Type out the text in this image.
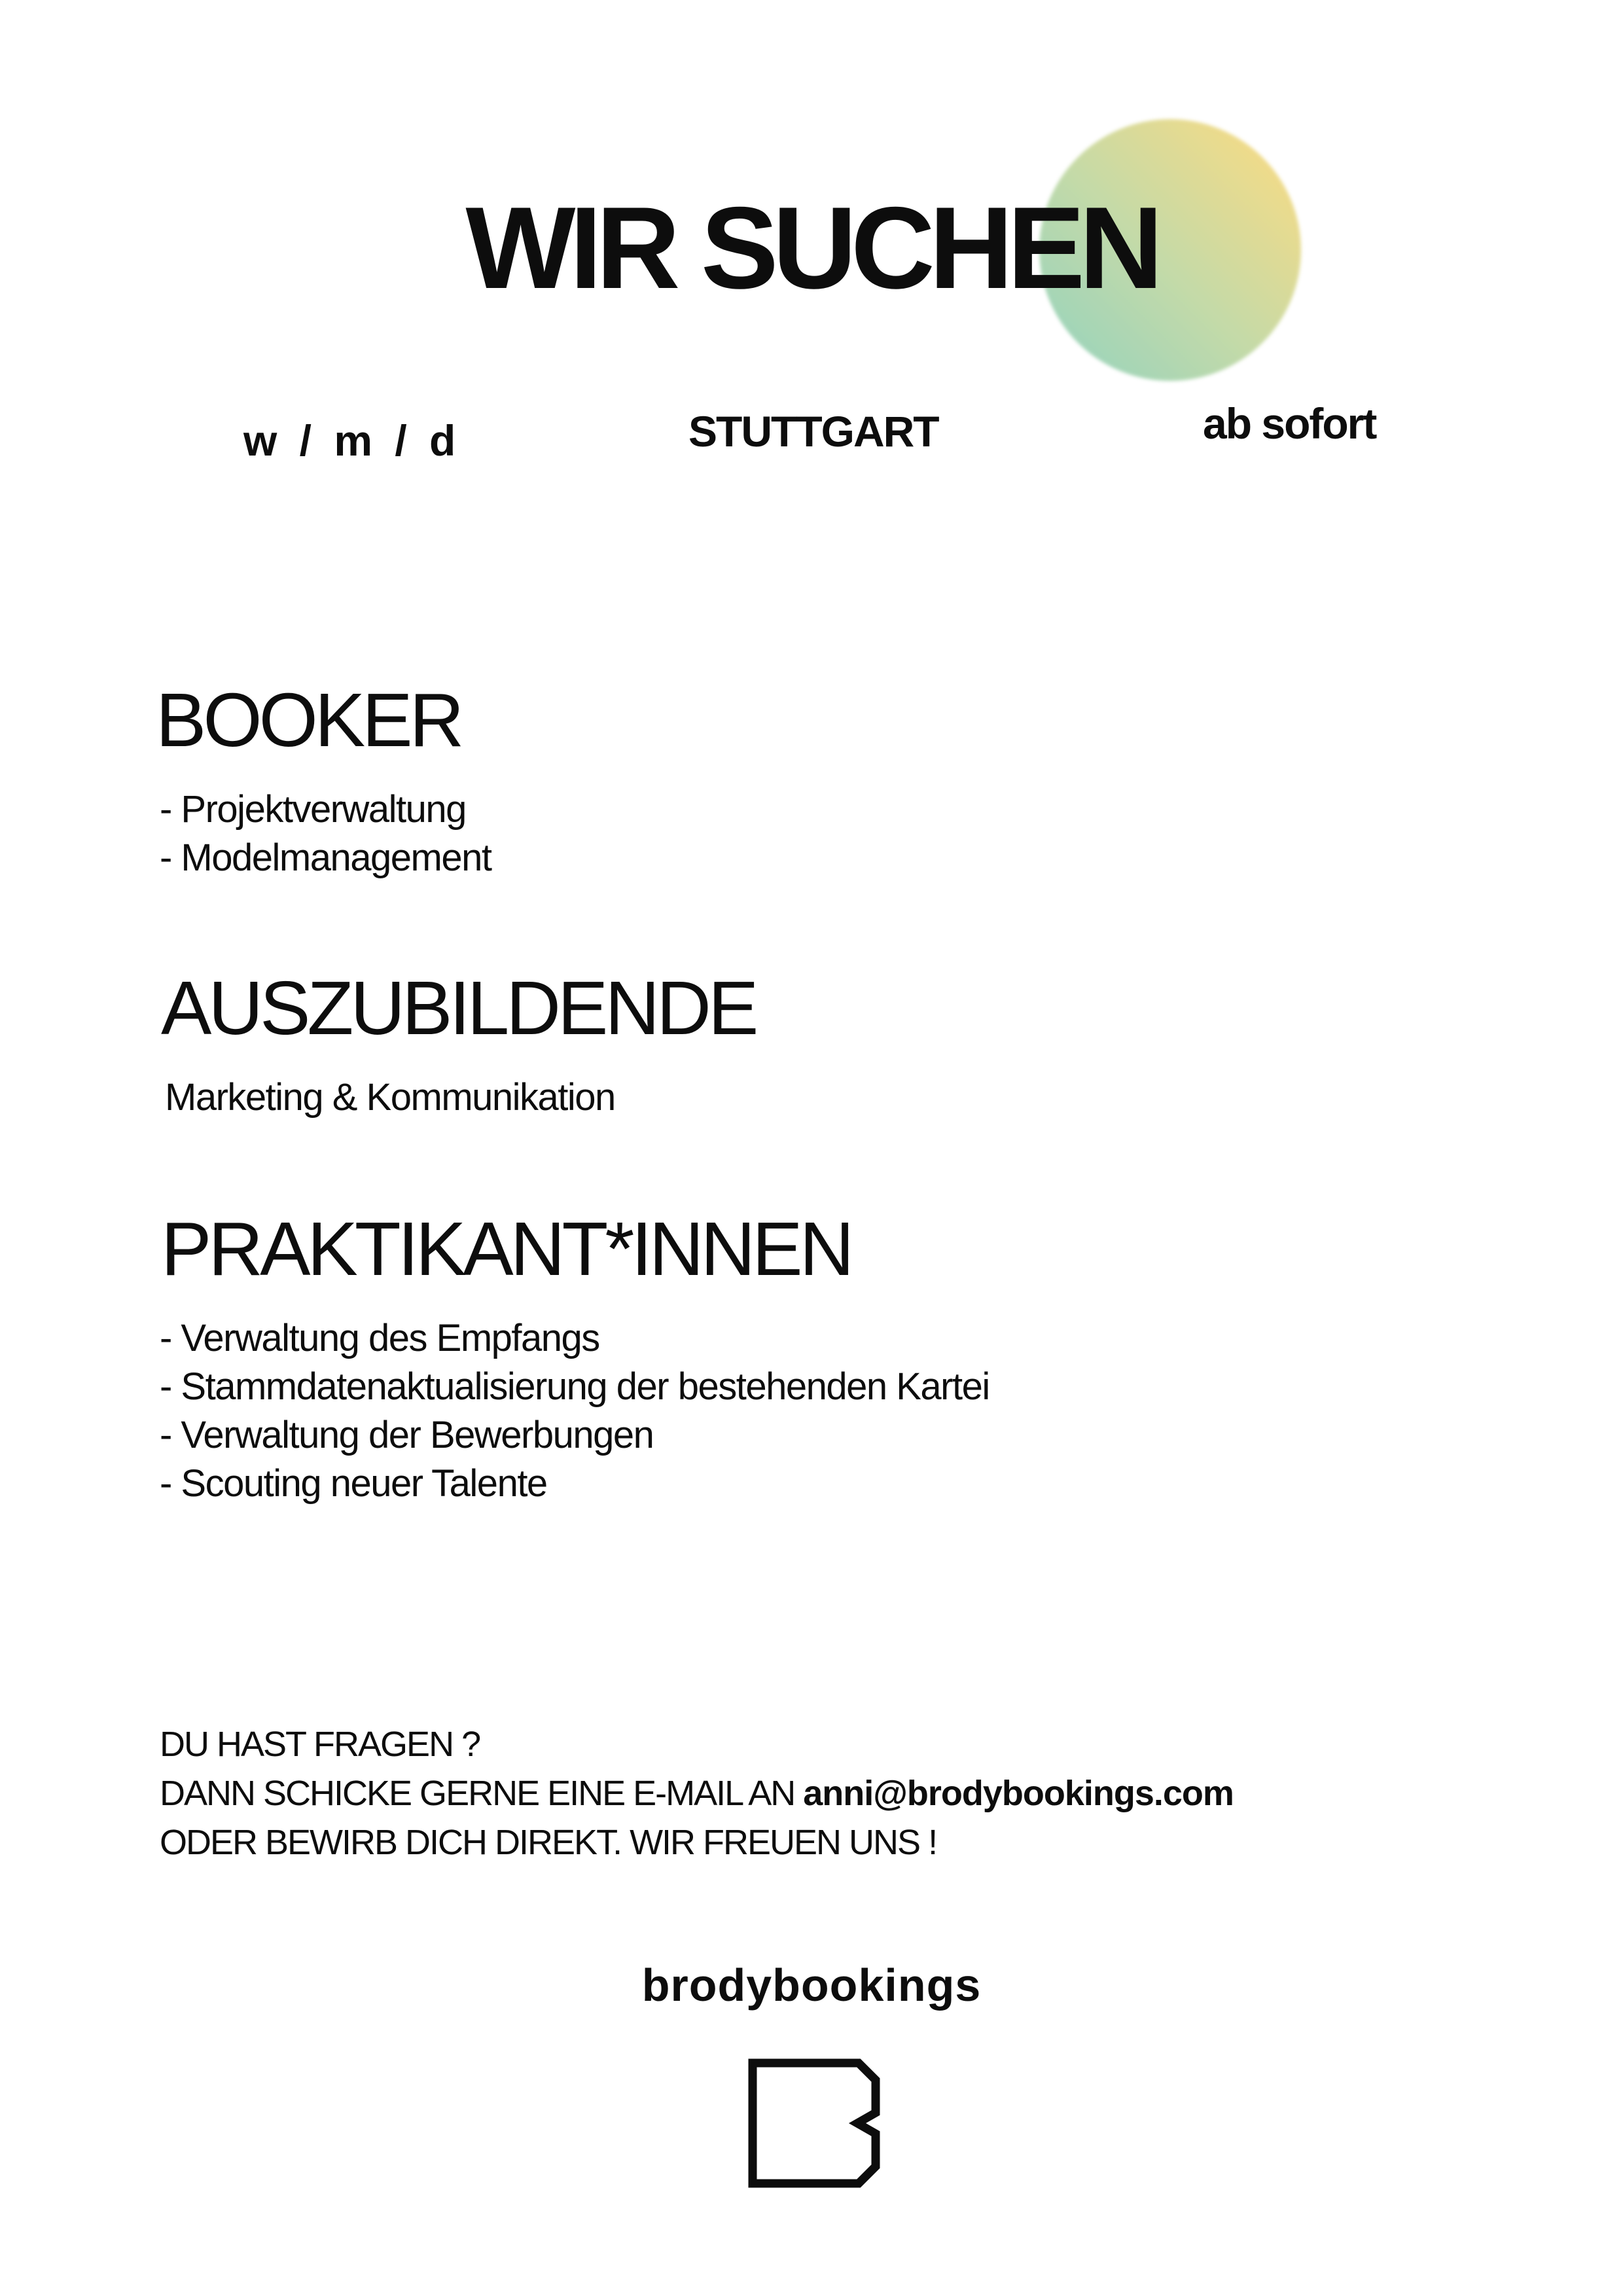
WIR SUCHEN
w / m / d	STUTTGART	ab sofort
BOOKER
- Projektverwaltung
- Modelmanagement
AUSZUBILDENDE

Marketing & Kommunikation

PRAKTIKANT*INNEN
- Verwaltung des Empfangs
- Stammdatenaktualisierung der bestehenden Kartei
- Verwaltung der Bewerbungen
- Scouting neuer Talente
DU HAST FRAGEN ?
DANN SCHICKE GERNE EINE E-MAIL AN anni@brodybookings.com
ODER BEWIRB DICH DIREKT. WIR FREUEN UNS !
brodybookings
